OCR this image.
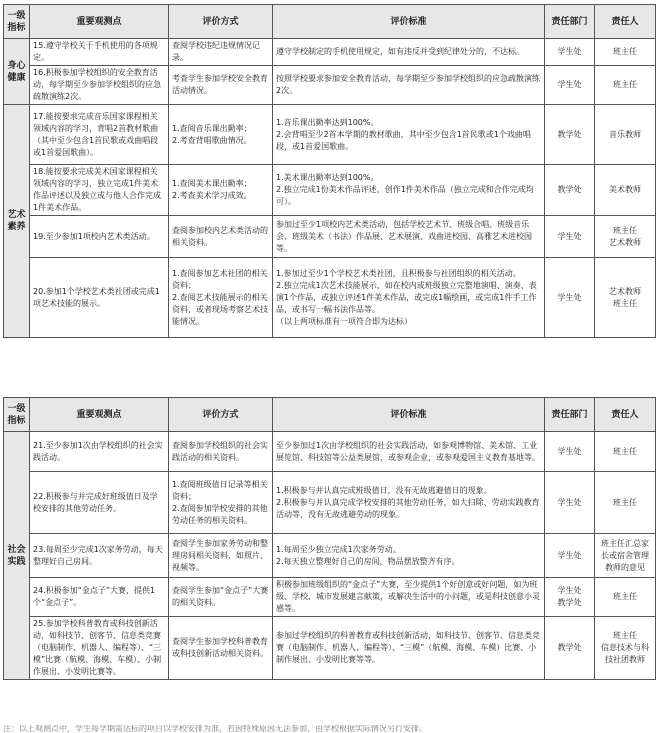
一级指标	重要观测点	评价方式	评价标准	责任部门	责任人
身心健康	15.遵守学校关于手机使用的各项规定。	查阅学校违纪违规情况记录。	遵守学校制定的手机使用规定，如有违反并受到纪律处分的，不达标。	学生处	班主任
	16.积极参加学校组织的安全教育活动，每学期至少参加学校组织的应急疏散演练2次。	考查学生参加学校安全教育活动情况。	按照学校要求参加安全教育活动，每学期至少参加学校组织的应急疏散演练2次。	学生处	班主任
艺术素养	17.能按要求完成音乐国家课程相关领域内容的学习，背唱2首教材歌曲（其中至少包含1首民歌或戏曲唱段或1首爱国歌曲）。	1.查阅音乐课出勤率；
2.考查背唱歌曲情况。	1.音乐课出勤率达到100%。
2.会背唱至少2首本学期的教材歌曲，其中至少包含1首民歌或1个戏曲唱段，或1首爱国歌曲。	教学处	音乐教师
	18.能按要求完成美术国家课程相关领域内容的学习，独立完成1件美术作品评述以及独立或与他人合作完成1件美术作品。	1.查阅美术课出勤率；
2.考查美术学习成效。	1.美术课出勤率达到100%。
2.独立完成1份美术作品评述，创作1件美术作品（独立完成和合作完成均可）。	教学处	美术教师
	19.至少参加1项校内艺术类活动。	查阅参加校内艺术类活动的相关资料。	参加过至少1项校内艺术类活动，包括学校艺术节、班级合唱、班级音乐会、班级美术（书法）作品展、艺术展演、戏曲进校园、高雅艺术进校园等。	学生处	班主任
艺术教师
	20.参加1个学校艺术类社团或完成1项艺术技能的展示。	1.查阅参加艺术社团的相关资料；
2.查阅艺术技能展示的相关资料，或者现场考察艺术技能情况。	1.参加过至少1个学校艺术类社团，且积极参与社团组织的相关活动。
2.独立完成1次艺术技能展示，如在校内或班级独立完整地演唱、演奏、表演1个作品，或独立评述1件美术作品，或完成1幅绘画，或完成1件手工作品，或书写一幅书法作品等。
（以上两项标准有一项符合即为达标）	学生处	艺术教师
班主任
一级指标	重要观测点	评价方式	评价标准	责任部门	责任人
社会实践	21.至少参加1次由学校组织的社会实践活动。	查阅参加学校组织的社会实践活动的相关资料。	至少参加过1次由学校组织的社会实践活动，如参观博物馆、美术馆、工业展览馆、科技馆等公益类展馆，或参观企业，或参观爱国主义教育基地等。	学生处	班主任
	22.积极参与并完成好班级值日及学校安排的其他劳动任务。	1.查阅班级值日记录等相关资料；
2.查阅参加学校安排的其他劳动任务的相关资料。	1.积极参与并认真完成班级值日，没有无故逃避值日的现象。
2.积极参与并认真完成学校安排的其他劳动任务，如大扫除、劳动实践教育活动等，没有无故逃避劳动的现象。	学生处	班主任
	23.每周至少完成1次家务劳动，每天整理好自己房间。	查阅学生参加家务劳动和整理房间相关资料，如照片、视频等。	1.每周至少独立完成1次家务劳动。
2.每天独立整理好自己的房间，物品摆放整齐有序。	学生处	班主任汇总家长或宿舍管理教师的意见
	24.积极参加“金点子”大赛，提供1个“金点子”。	查阅学生参加“金点子”大赛的相关资料。	积极参加班级组织的“金点子”大赛，至少提供1个好创意或好问题，如为班级、学校、城市发展建言献策，或解决生活中的小问题，或是科技创意小灵感等。	学生处
教学处	班主任
	25.参加学校科普教育或科技创新活动，如科技节、创客节、信息类竞赛（电脑制作、机器人、编程等）、“三模”比赛（航模、海模、车模）、小制作展出、小发明比赛等。	查阅学生参加学校科普教育或科技创新活动相关资料。	参加过学校组织的科普教育或科技创新活动，如科技节、创客节、信息类竞赛（电脑制作、机器人、编程等）、“三模”（航模、海模、车模）比赛、小制作展出、小发明比赛等等。	教学处	班主任
信息技术与科技社团教师
注：以上观测点中，学生每学期需达标的项目以学校安排为准，若因特殊原因无法参加，由学校根据实际情况另行安排。
